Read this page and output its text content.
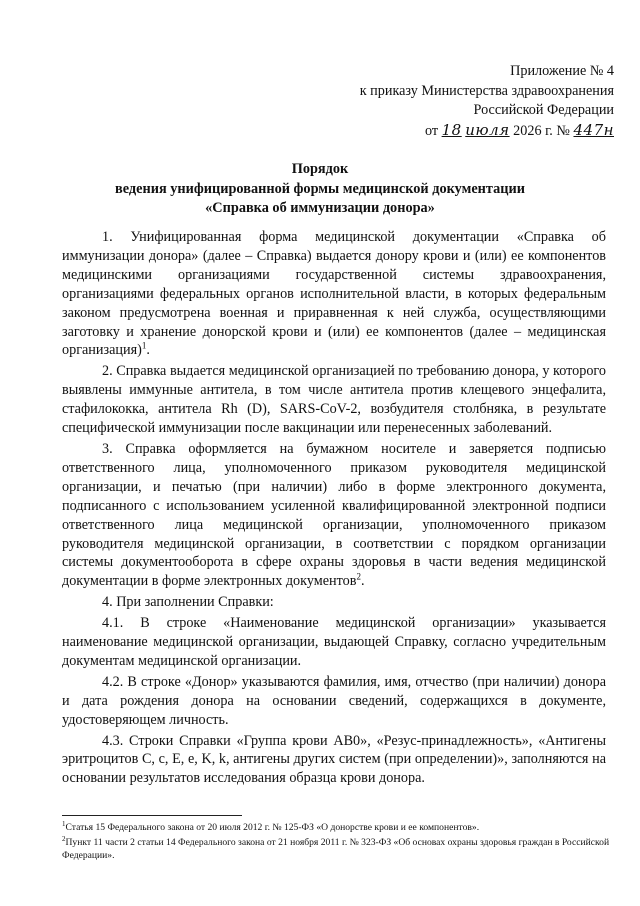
Приложение № 4
к приказу Министерства здравоохранения
Российской Федерации
от 18 июля 2026 г. № 447н
Порядок
ведения унифицированной формы медицинской документации
«Справка об иммунизации донора»

1. Унифицированная форма медицинской документации «Справка об иммунизации донора» (далее – Справка) выдается донору крови и (или) ее компонентов медицинскими организациями государственной системы здравоохранения, организациями федеральных органов исполнительной власти, в которых федеральным законом предусмотрена военная и приравненная к ней служба, осуществляющими заготовку и хранение донорской крови и (или) ее компонентов (далее – медицинская организация)$^1$.

2. Справка выдается медицинской организацией по требованию донора, у которого выявлены иммунные антитела, в том числе антитела против клещевого энцефалита, стафилококка, антитела Rh (D), SARS-CoV-2, возбудителя столбняка, в результате специфической иммунизации после вакцинации или перенесенных заболеваний.

3. Справка оформляется на бумажном носителе и заверяется подписью ответственного лица, уполномоченного приказом руководителя медицинской организации, и печатью (при наличии) либо в форме электронного документа, подписанного с использованием усиленной квалифицированной электронной подписи ответственного лица медицинской организации, уполномоченного приказом руководителя медицинской организации, в соответствии с порядком организации системы документооборота в сфере охраны здоровья в части ведения медицинской документации в форме электронных документов$^2$.

4. При заполнении Справки:

4.1. В строке «Наименование медицинской организации» указывается наименование медицинской организации, выдающей Справку, согласно учредительным документам медицинской организации.

4.2. В строке «Донор» указываются фамилия, имя, отчество (при наличии) донора и дата рождения донора на основании сведений, содержащихся в документе, удостоверяющем личность.

4.3. Строки Справки «Группа крови АВ0», «Резус-принадлежность», «Антигены эритроцитов C, c, E, e, K, k, антигены других систем (при определении)», заполняются на основании результатов исследования образца крови донора.

$^1$Статья 15 Федерального закона от 20 июля 2012 г. № 125-ФЗ «О донорстве крови и ее компонентов».

$^2$Пункт 11 части 2 статьи 14 Федерального закона от 21 ноября 2011 г. № 323-ФЗ «Об основах охраны здоровья граждан в Российской Федерации».
